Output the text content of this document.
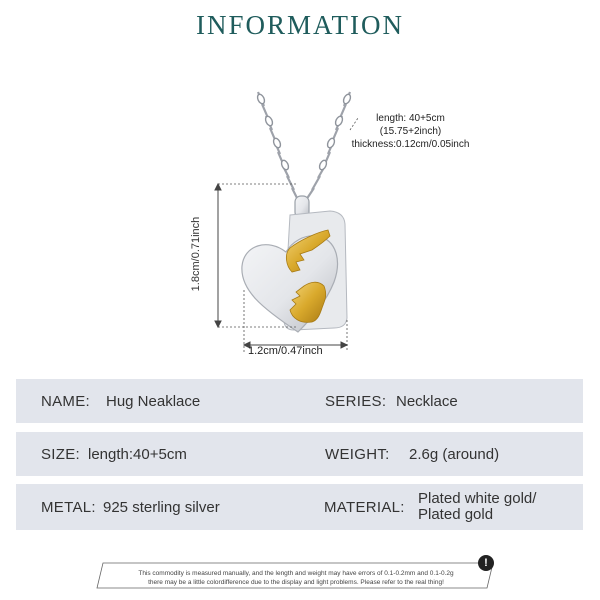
INFORMATION
length: 40+5cm
(15.75+2inch)
thickness:0.12cm/0.05inch
1.8cm/0.71inch
1.2cm/0.47inch
NAME: Hug Neaklace	SERIES: Necklace
SIZE: length:40+5cm	WEIGHT: 2.6g (around)
METAL: 925 sterling silver	MATERIAL: Plated white gold/
Plated gold
This commodity is measured manually, and the length and weight may have errors of 0.1-0.2mm and 0.1-0.2g
there may be a little colordifference due to the display and light problems. Please refer to the real thing!
!
